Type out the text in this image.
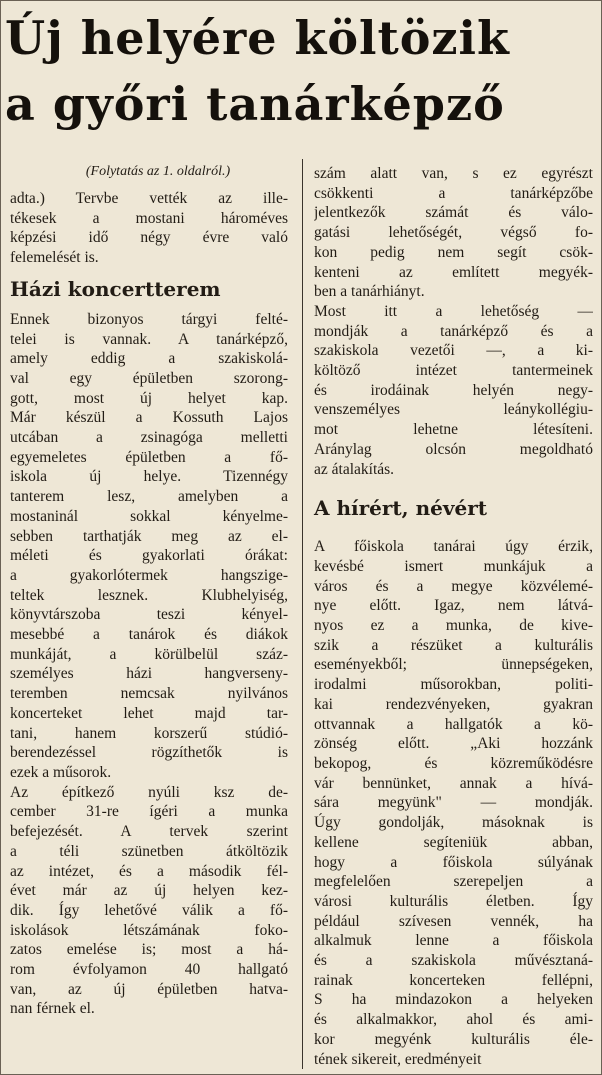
Új helyére költözik
a győri tanárképző
(Folytatás az 1. oldalról.)
adta.) Tervbe vették az ille-
tékesek a mostani hároméves
képzési idő négy évre való
felemelését is.
Házi koncertterem
Ennek bizonyos tárgyi felté-
telei is vannak. A tanárképző,
amely eddig a szakiskolá-
val egy épületben szorong-
gott, most új helyet kap.
Már készül a Kossuth Lajos
utcában a zsinagóga melletti
egyemeletes épületben a fő-
iskola új helye. Tizennégy
tanterem lesz, amelyben a
mostaninál sokkal kényelme-
sebben tarthatják meg az el-
méleti és gyakorlati órákat:
a gyakorlótermek hangszige-
teltek lesznek. Klubhelyiség,
könyvtárszoba teszi kényel-
mesebbé a tanárok és diákok
munkáját, a körülbelül száz-
személyes házi hangverseny-
teremben nemcsak nyilvános
koncerteket lehet majd tar-
tani, hanem korszerű stúdió-
berendezéssel rögzíthetők is
ezek a műsorok.
Az építkező nyúli ksz de-
cember 31-re ígéri a munka
befejezését. A tervek szerint
a téli szünetben átköltözik
az intézet, és a második fél-
évet már az új helyen kez-
dik. Így lehetővé válik a fő-
iskolások létszámának foko-
zatos emelése is; most a há-
rom évfolyamon 40 hallgató
van, az új épületben hatva-
nan férnek el.
szám alatt van, s ez egyrészt
csökkenti a tanárképzőbe
jelentkezők számát és válo-
gatási lehetőségét, végső fo-
kon pedig nem segít csök-
kenteni az említett megyék-
ben a tanárhiányt.
Most itt a lehetőség —
mondják a tanárképző és a
szakiskola vezetői —, a ki-
költöző intézet tantermeinek
és irodáinak helyén negy-
venszemélyes leánykollégiu-
mot lehetne létesíteni.
Aránylag olcsón megoldható
az átalakítás.
A hírért, névért
A főiskola tanárai úgy érzik,
kevésbé ismert munkájuk a
város és a megye közvélemé-
nye előtt. Igaz, nem látvá-
nyos ez a munka, de kive-
szik a részüket a kulturális
eseményekből; ünnepségeken,
irodalmi műsorokban, politi-
kai rendezvényeken, gyakran
ottvannak a hallgatók a kö-
zönség előtt. „Aki hozzánk
bekopog, és közreműködésre
vár bennünket, annak a hívá-
sára megyünk" — mondják.
Úgy gondolják, másoknak is
kellene segíteniük abban,
hogy a főiskola súlyának
megfelelően szerepeljen a
városi kulturális életben. Így
például szívesen vennék, ha
alkalmuk lenne a főiskola
és a szakiskola művésztaná-
rainak koncerteken fellépni,
S ha mindazokon a helyeken
és alkalmakkor, ahol és ami-
kor megyénk kulturális éle-
tének sikereit, eredményeit
